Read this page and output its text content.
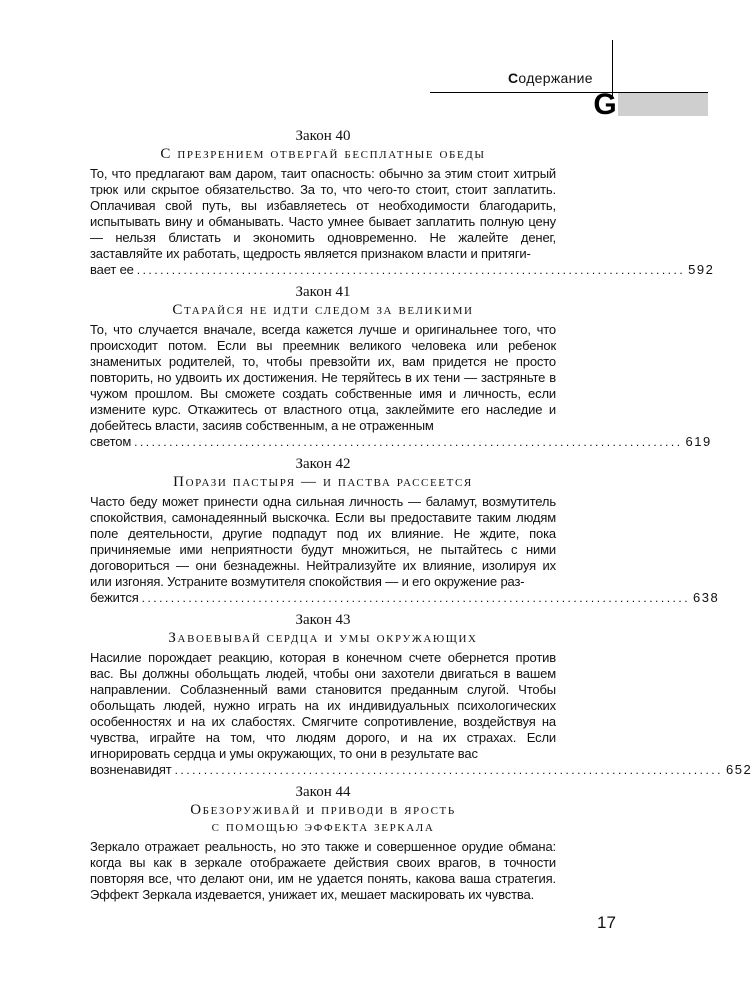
Содержание
G

Закон 40

С презрением отвергай бесплатные обеды

То, что предлагают вам даром, таит опасность: обычно за этим стоит хитрый трюк или скрытое обязательство. За то, что чего-то стоит, стоит заплатить. Оплачивая свой путь, вы избавляетесь от необходимости благодарить, испытывать вину и обманывать. Часто умнее бывает заплатить полную цену — нельзя блистать и экономить одновременно. Не жалейте денег, заставляйте их работать, щедрость является признаком власти и притяги-

вает ее .............................................................................................. 592

Закон 41

Старайся не идти следом за великими

То, что случается вначале, всегда кажется лучше и оригинальнее того, что происходит потом. Если вы преемник великого человека или ребенок знаменитых родителей, то, чтобы превзойти их, вам придется не просто повторить, но удвоить их достижения. Не теряйтесь в их тени — застряньте в чужом прошлом. Вы сможете создать собственные имя и личность, если измените курс. Откажитесь от властного отца, заклеймите его наследие и добейтесь власти, засияв собственным, а не отраженным

светом .............................................................................................. 619

Закон 42

Порази пастыря — и паства рассеется

Часто беду может принести одна сильная личность — баламут, возмутитель спокойствия, самонадеянный выскочка. Если вы предоставите таким людям поле деятельности, другие подпадут под их влияние. Не ждите, пока причиняемые ими неприятности будут множиться, не пытайтесь с ними договориться — они безнадежны. Нейтрализуйте их влияние, изолируя их или изгоняя. Устраните возмутителя спокойствия — и его окружение раз-

бежится .............................................................................................. 638

Закон 43

Завоевывай сердца и умы окружающих

Насилие порождает реакцию, которая в конечном счете обернется против вас. Вы должны обольщать людей, чтобы они захотели двигаться в вашем направлении. Соблазненный вами становится преданным слугой. Чтобы обольщать людей, нужно играть на их индивидуальных психологических особенностях и на их слабостях. Смягчите сопротивление, воздействуя на чувства, играйте на том, что людям дорого, и на их страхах. Если игнорировать сердца и умы окружающих, то они в результате вас

возненавидят .............................................................................................. 652

Закон 44

Обезоруживай и приводи в ярость

с помощью эффекта зеркала

Зеркало отражает реальность, но это также и совершенное орудие обмана: когда вы как в зеркале отображаете действия своих врагов, в точности повторяя все, что делают они, им не удается понять, какова ваша стратегия. Эффект Зеркала издевается, унижает их, мешает маскировать их чувства.

17
